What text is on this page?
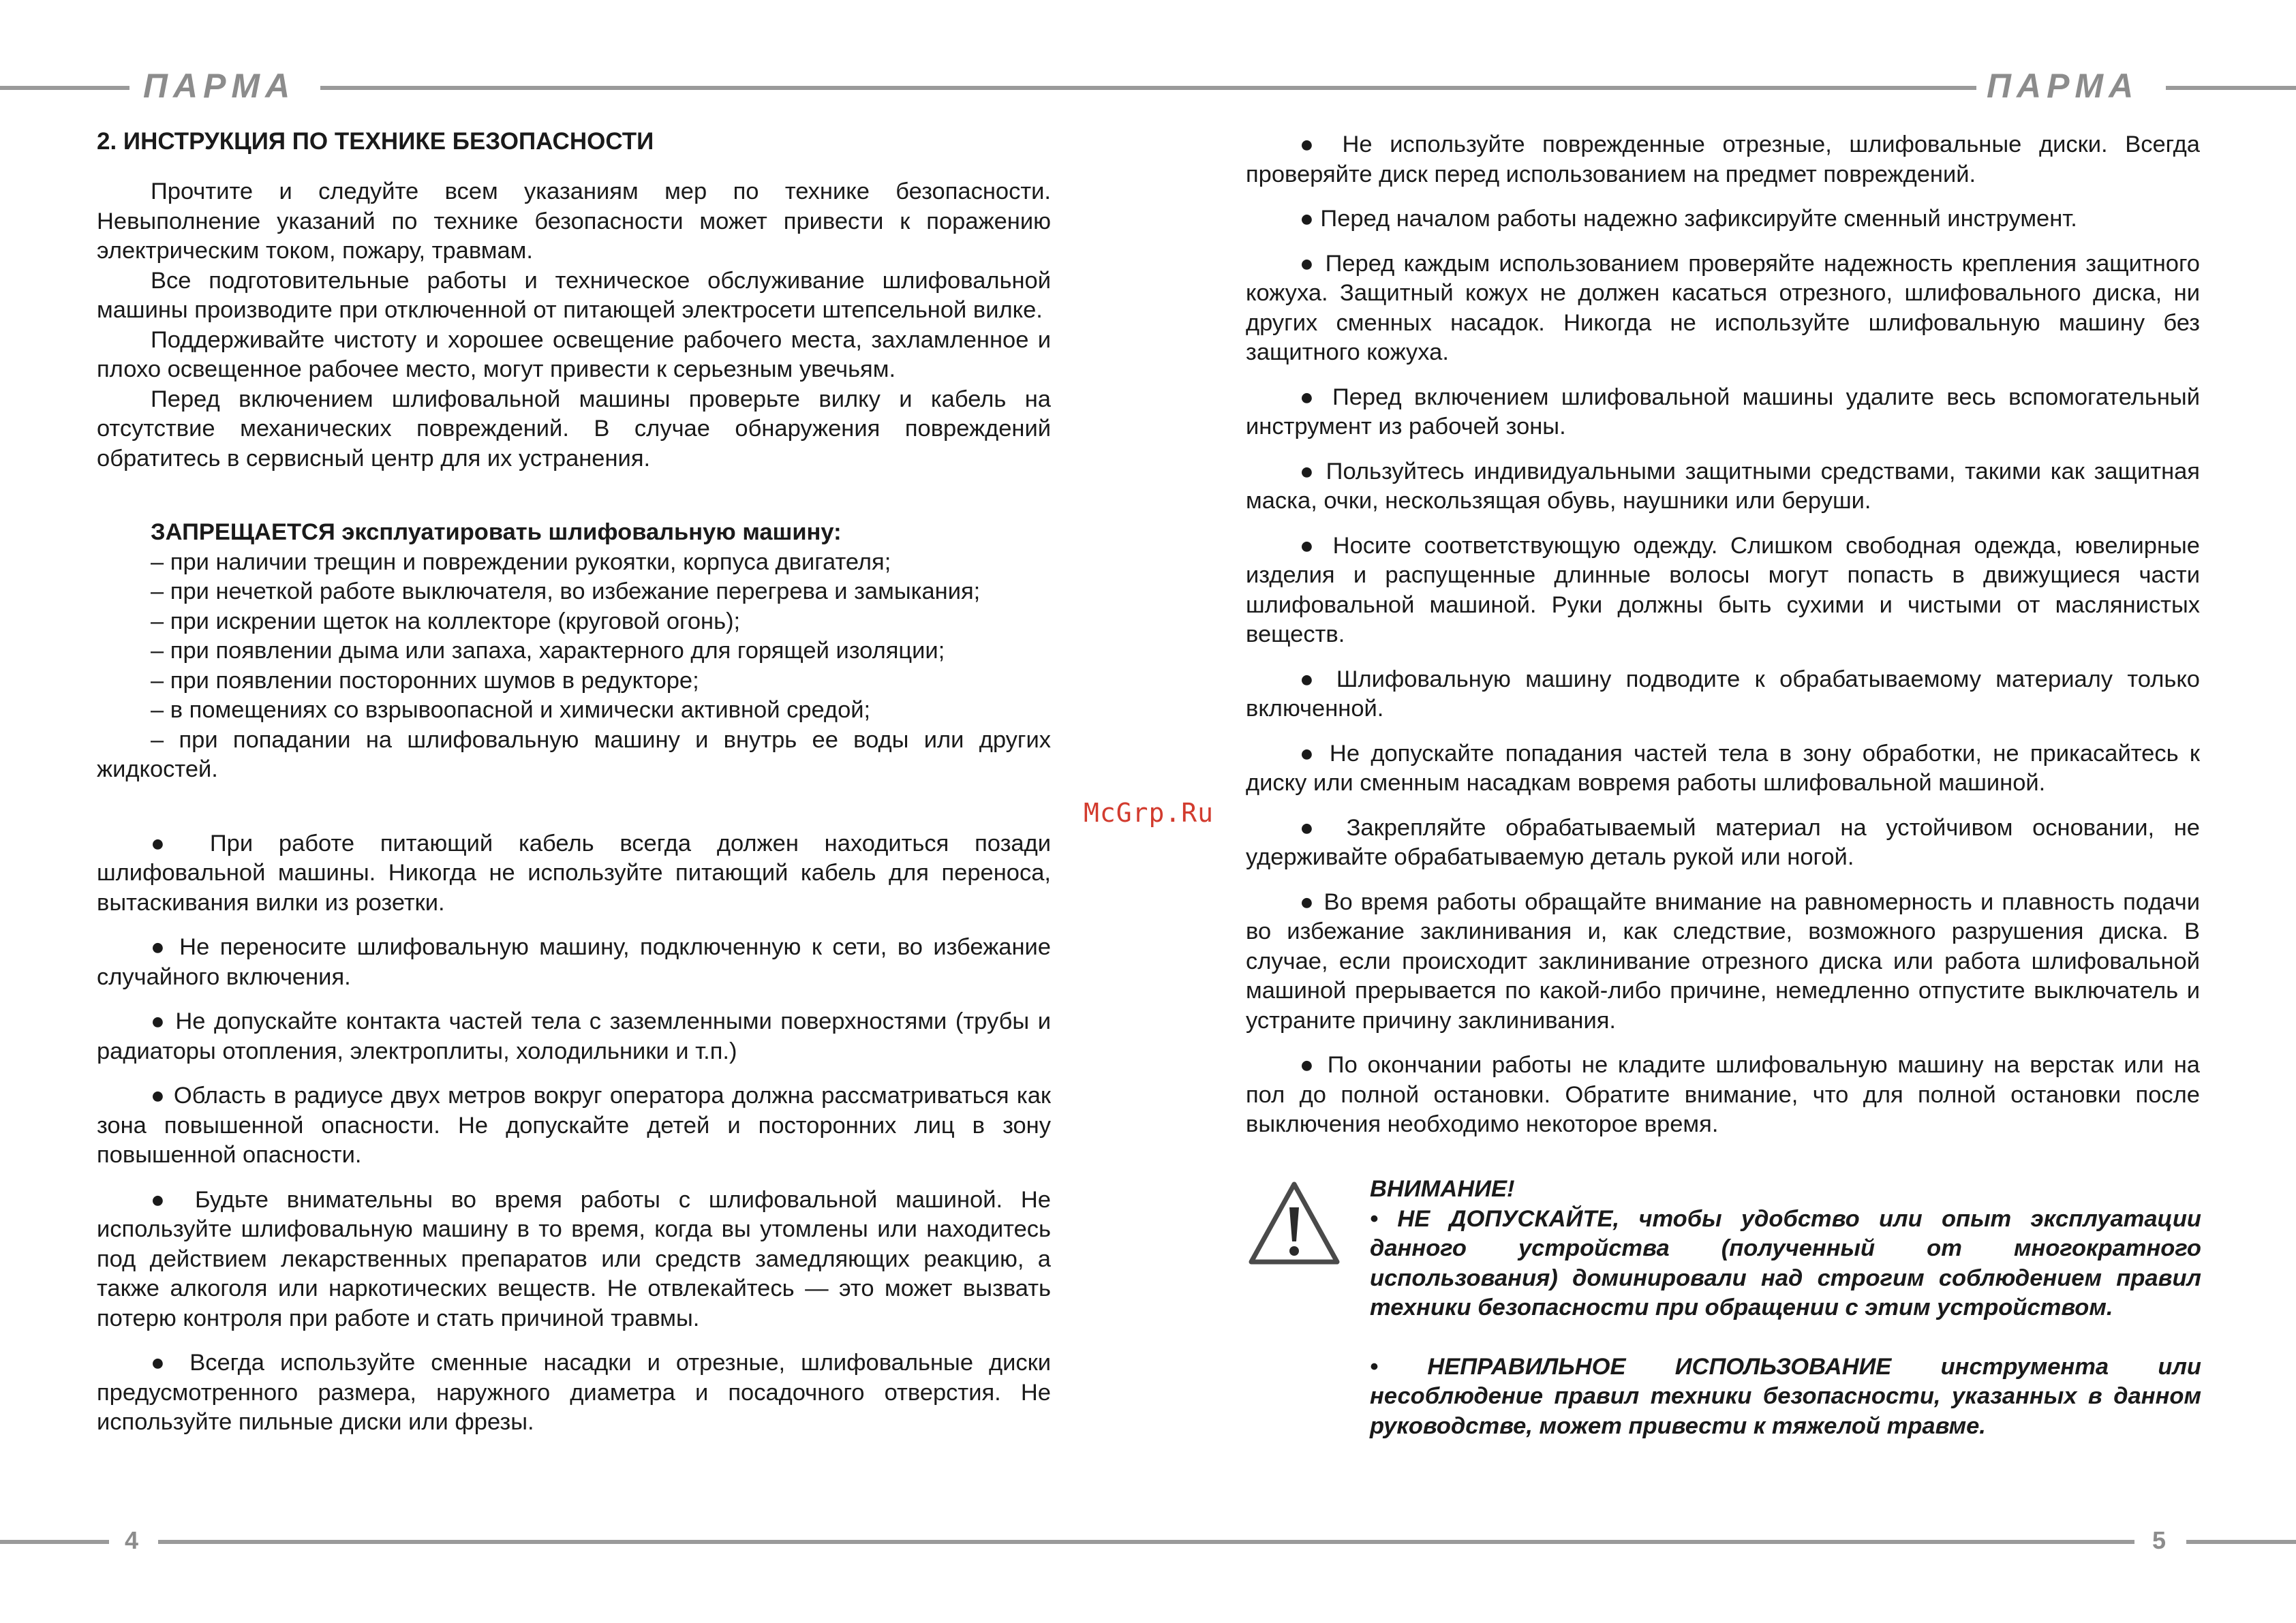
ПАРМА	ПАРМА
2. ИНСТРУКЦИЯ ПО ТЕХНИКЕ БЕЗОПАСНОСТИ

Прочтите и следуйте всем указаниям мер по технике безопасности. Невыполнение указаний по технике безопасности может привести к поражению электрическим током, пожару, травмам.

Все подготовительные работы и техническое обслуживание шлифовальной машины производите при отключенной от питающей электросети штепсельной вилке.

Поддерживайте чистоту и хорошее освещение рабочего места, захламленное и плохо освещенное рабочее место, могут привести к серьезным увечьям.

Перед включением шлифовальной машины проверьте вилку и кабель на отсутствие механических повреждений. В случае обнаружения повреждений обратитесь в сервисный центр для их устранения.

ЗАПРЕЩАЕТСЯ эксплуатировать шлифовальную машину:

– при наличии трещин и повреждении рукоятки, корпуса двигателя;

– при нечеткой работе выключателя, во избежание перегрева и замыкания;

– при искрении щеток на коллекторе (круговой огонь);

– при появлении дыма или запаха, характерного для горящей изоляции;

– при появлении посторонних шумов в редукторе;

– в помещениях со взрывоопасной и химически активной средой;

– при попадании на шлифовальную машину и внутрь ее воды или других жидкостей.

● При работе питающий кабель всегда должен находиться позади шлифовальной машины. Никогда не используйте питающий кабель для переноса, вытаскивания вилки из розетки.

● Не переносите шлифовальную машину, подключенную к сети, во избежание случайного включения.

● Не допускайте контакта частей тела с заземленными поверхностями (трубы и радиаторы отопления, электроплиты, холодильники и т.п.)

● Область в радиусе двух метров вокруг оператора должна рассматриваться как зона повышенной опасности. Не допускайте детей и посторонних лиц в зону повышенной опасности.

● Будьте внимательны во время работы с шлифовальной машиной. Не используйте шлифовальную машину в то время, когда вы утомлены или находитесь под действием лекарственных препаратов или средств замедляющих реакцию, а также алкоголя или наркотических веществ. Не отвлекайтесь — это может вызвать потерю контроля при работе и стать причиной травмы.

● Всегда используйте сменные насадки и отрезные, шлифовальные диски предусмотренного размера, наружного диаметра и посадочного отверстия. Не используйте пильные диски или фрезы.

McGrp.Ru

● Не используйте поврежденные отрезные, шлифовальные диски. Всегда проверяйте диск перед использованием на предмет повреждений.

● Перед началом работы надежно зафиксируйте сменный инструмент.

● Перед каждым использованием проверяйте надежность крепления защитного кожуха. Защитный кожух не должен касаться отрезного, шлифовального диска, ни других сменных насадок. Никогда не используйте шлифовальную машину без защитного кожуха.

● Перед включением шлифовальной машины удалите весь вспомогательный инструмент из рабочей зоны.

● Пользуйтесь индивидуальными защитными средствами, такими как защитная маска, очки, нескользящая обувь, наушники или беруши.

● Носите соответствующую одежду. Слишком свободная одежда, ювелирные изделия и распущенные длинные волосы могут попасть в движущиеся части шлифовальной машиной. Руки должны быть сухими и чистыми от маслянистых веществ.

● Шлифовальную машину подводите к обрабатываемому материалу только включенной.

● Не допускайте попадания частей тела в зону обработки, не прикасайтесь к диску или сменным насадкам вовремя работы шлифовальной машиной.

● Закрепляйте обрабатываемый материал на устойчивом основании, не удерживайте обрабатываемую деталь рукой или ногой.

● Во время работы обращайте внимание на равномерность и плавность подачи во избежание заклинивания и, как следствие, возможного разрушения диска. В случае, если происходит заклинивание отрезного диска или работа шлифовальной машиной прерывается по какой-либо причине, немедленно отпустите выключатель и устраните причину заклинивания.

● По окончании работы не кладите шлифовальную машину на верстак или на пол до полной остановки. Обратите внимание, что для полной остановки после выключения необходимо некоторое время.

ВНИМАНИЕ!

• НЕ ДОПУСКАЙТЕ, чтобы удобство или опыт эксплуатации данного устройства (полученный от многократного использования) доминировали над строгим соблюдением правил техники безопасности при обращении с этим устройством.

• НЕПРАВИЛЬНОЕ ИСПОЛЬЗОВАНИЕ инструмента или несоблюдение правил техники безопасности, указанных в данном руководстве, может привести к тяжелой травме.

4	5
